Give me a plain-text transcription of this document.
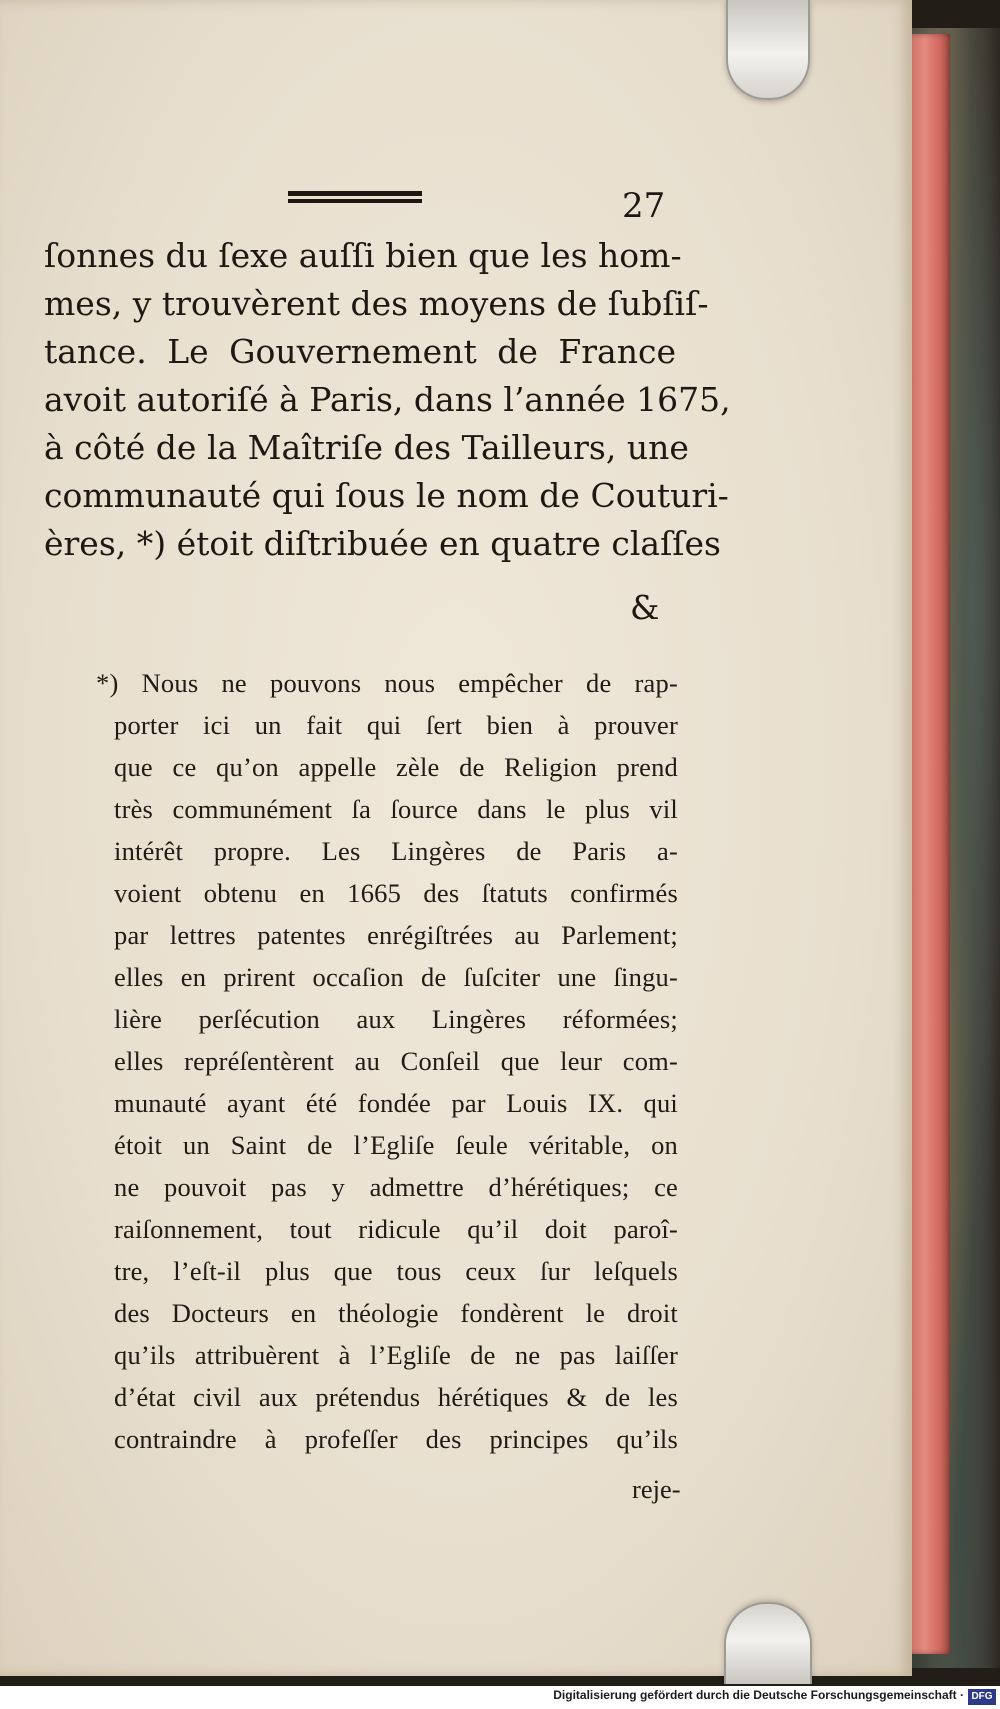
27
ſonnes du ſexe auſſi bien que les hom-
mes, y trouvèrent des moyens de ſubſiſ-
tance. Le Gouvernement de France
avoit autoriſé à Paris, dans l’année 1675,
à côté de la Maîtriſe des Tailleurs, une
communauté qui ſous le nom de Couturi-
ères, *) étoit diſtribuée en quatre claſſes
&
*) Nous ne pouvons nous empêcher de rap-
porter ici un fait qui ſert bien à prouver
que ce qu’on appelle zèle de Religion prend
très communément ſa ſource dans le plus vil
intérêt propre. Les Lingères de Paris a-
voient obtenu en 1665 des ſtatuts confirmés
par lettres patentes enrégiſtrées au Parlement;
elles en prirent occaſion de ſuſciter une ſingu-
lière perſécution aux Lingères réformées;
elles repréſentèrent au Conſeil que leur com-
munauté ayant été fondée par Louis IX. qui
étoit un Saint de l’Egliſe ſeule véritable, on
ne pouvoit pas y admettre d’hérétiques; ce
raiſonnement, tout ridicule qu’il doit paroî-
tre, l’eſt-il plus que tous ceux ſur leſquels
des Docteurs en théologie fondèrent le droit
qu’ils attribuèrent à l’Egliſe de ne pas laiſſer
d’état civil aux prétendus hérétiques & de les
contraindre à profeſſer des principes qu’ils
reje-
Digitalisierung gefördert durch die Deutsche Forschungsgemeinschaft · DFG
